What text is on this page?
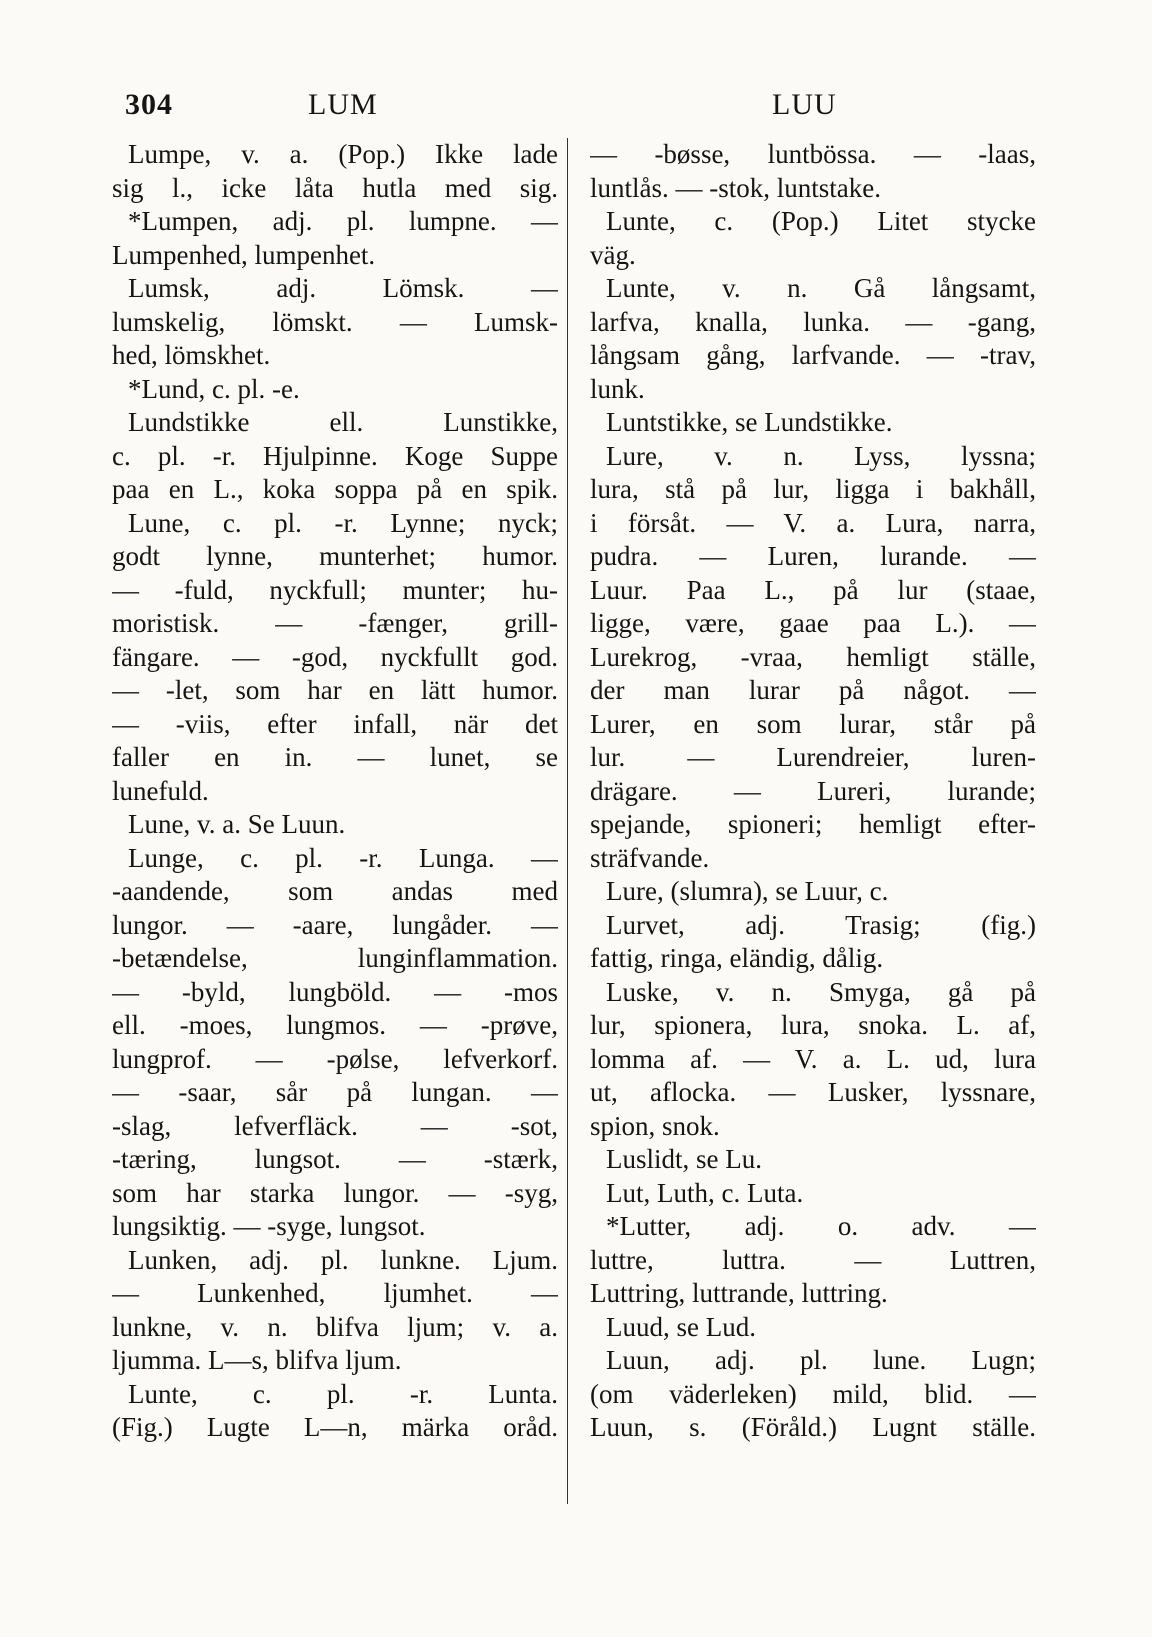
304	LUM	LUU
Lumpe, v. a. (Pop.) Ikke lade
sig l., icke låta hutla med sig.
*Lumpen, adj. pl. lumpne. —
Lumpenhed, lumpenhet.
Lumsk, adj. Lömsk. —
lumskelig, lömskt. — Lumsk-
hed, lömskhet.
*Lund, c. pl. -e.
Lundstikke ell. Lunstikke,
c. pl. -r. Hjulpinne. Koge Suppe
paa en L., koka soppa på en spik.
Lune, c. pl. -r. Lynne; nyck;
godt lynne, munterhet; humor.
— -fuld, nyckfull; munter; hu-
moristisk. — -fænger, grill-
fängare. — -god, nyckfullt god.
— -let, som har en lätt humor.
— -viis, efter infall, när det
faller en in. — lunet, se
lunefuld.
Lune, v. a. Se Luun.
Lunge, c. pl. -r. Lunga. —
-aandende, som andas med
lungor. — -aare, lungåder. —
-betændelse, lunginflammation.
— -byld, lungböld. — -mos
ell. -moes, lungmos. — -prøve,
lungprof. — -pølse, lefverkorf.
— -saar, sår på lungan. —
-slag, lefverfläck. — -sot,
-tæring, lungsot. — -stærk,
som har starka lungor. — -syg,
lungsiktig. — -syge, lungsot.
Lunken, adj. pl. lunkne. Ljum.
— Lunkenhed, ljumhet. —
lunkne, v. n. blifva ljum; v. a.
ljumma. L—s, blifva ljum.
Lunte, c. pl. -r. Lunta.
(Fig.) Lugte L—n, märka oråd.
— -bøsse, luntbössa. — -laas,
luntlås. — -stok, luntstake.
Lunte, c. (Pop.) Litet stycke
väg.
Lunte, v. n. Gå långsamt,
larfva, knalla, lunka. — -gang,
långsam gång, larfvande. — -trav,
lunk.
Luntstikke, se Lundstikke.
Lure, v. n. Lyss, lyssna;
lura, stå på lur, ligga i bakhåll,
i försåt. — V. a. Lura, narra,
pudra. — Luren, lurande. —
Luur. Paa L., på lur (staae,
ligge, være, gaae paa L.). —
Lurekrog, -vraa, hemligt ställe,
der man lurar på något. —
Lurer, en som lurar, står på
lur. — Lurendreier, luren-
drägare. — Lureri, lurande;
spejande, spioneri; hemligt efter-
sträfvande.
Lure, (slumra), se Luur, c.
Lurvet, adj. Trasig; (fig.)
fattig, ringa, eländig, dålig.
Luske, v. n. Smyga, gå på
lur, spionera, lura, snoka. L. af,
lomma af. — V. a. L. ud, lura
ut, aflocka. — Lusker, lyssnare,
spion, snok.
Luslidt, se Lu.
Lut, Luth, c. Luta.
*Lutter, adj. o. adv. —
luttre, luttra. — Luttren,
Luttring, luttrande, luttring.
Luud, se Lud.
Luun, adj. pl. lune. Lugn;
(om väderleken) mild, blid. —
Luun, s. (Föråld.) Lugnt ställe.
